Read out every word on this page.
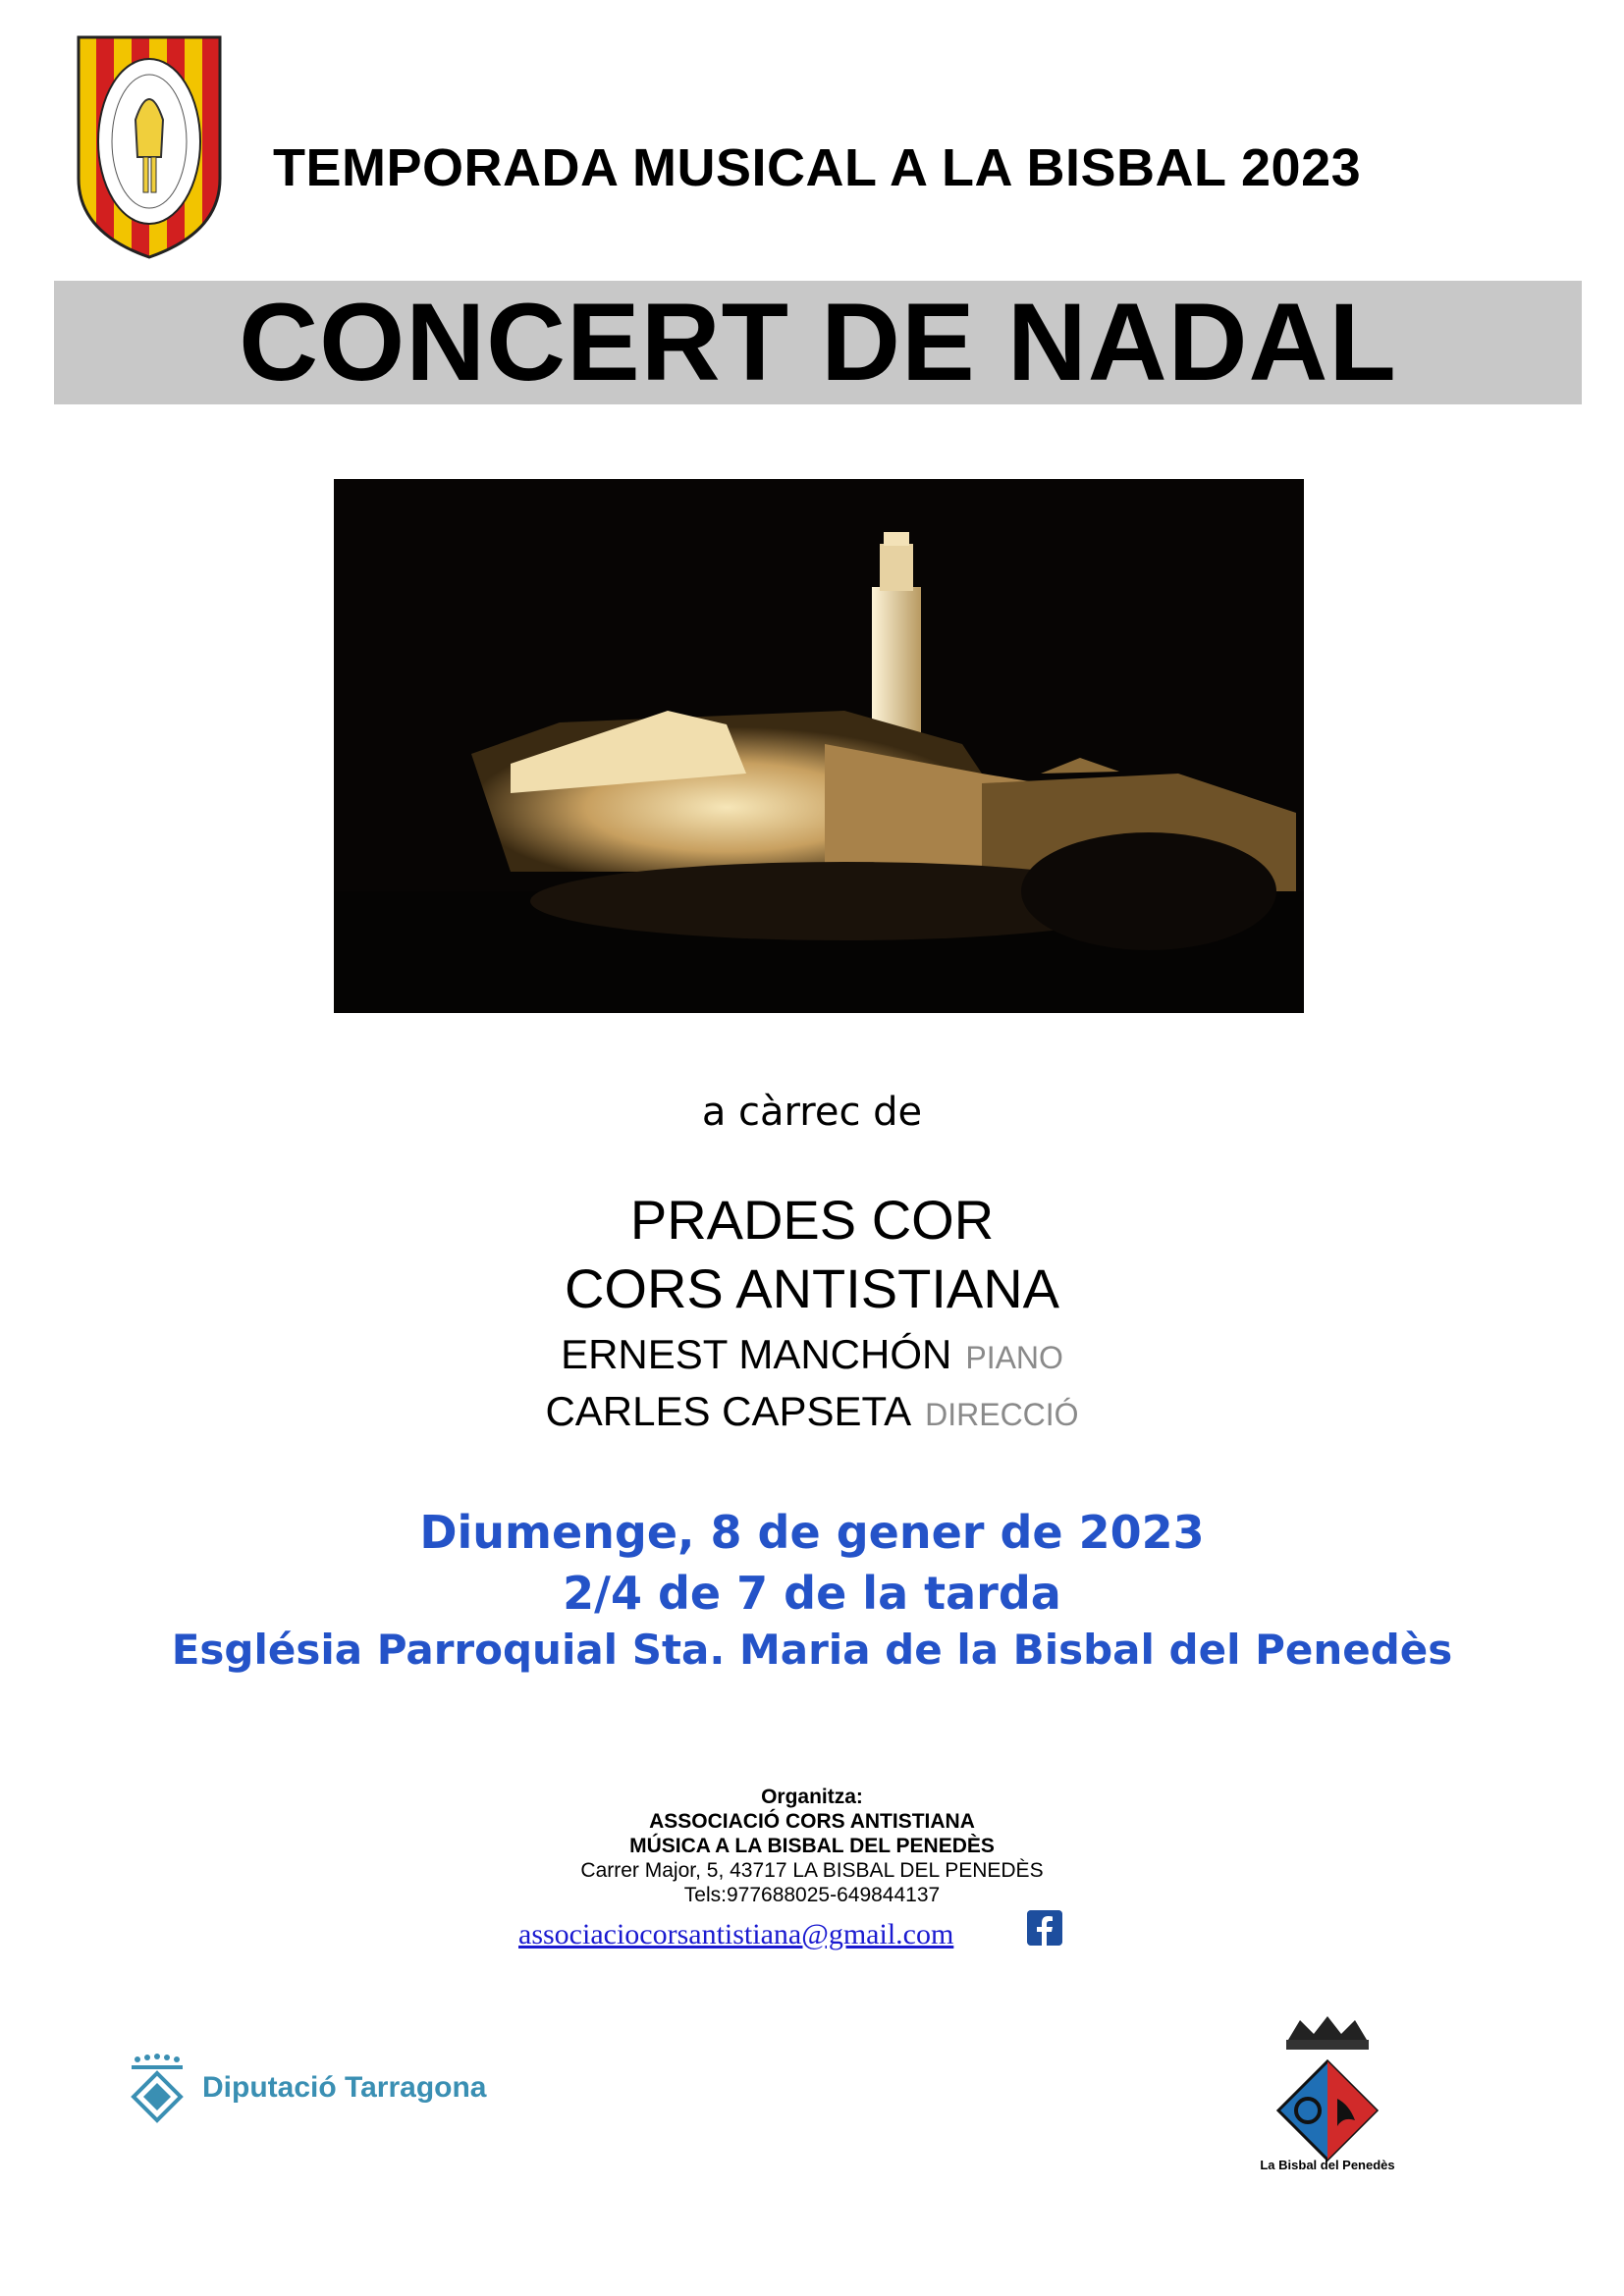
TEMPORADA MUSICAL A LA BISBAL 2023
CONCERT DE NADAL
a càrrec de
PRADES COR
CORS ANTISTIANA
ERNEST MANCHÓN PIANO
CARLES CAPSETA DIRECCIÓ
Diumenge, 8 de gener de 2023
2/4 de 7 de la tarda
Església Parroquial Sta. Maria de la Bisbal del Penedès
Organitza:
ASSOCIACIÓ CORS ANTISTIANA
MÚSICA A LA BISBAL DEL PENEDÈS
Carrer Major, 5, 43717 LA BISBAL DEL PENEDÈS
Tels:977688025-649844137
associaciocorsantistiana@gmail.com
Diputació Tarragona
La Bisbal del Penedès
